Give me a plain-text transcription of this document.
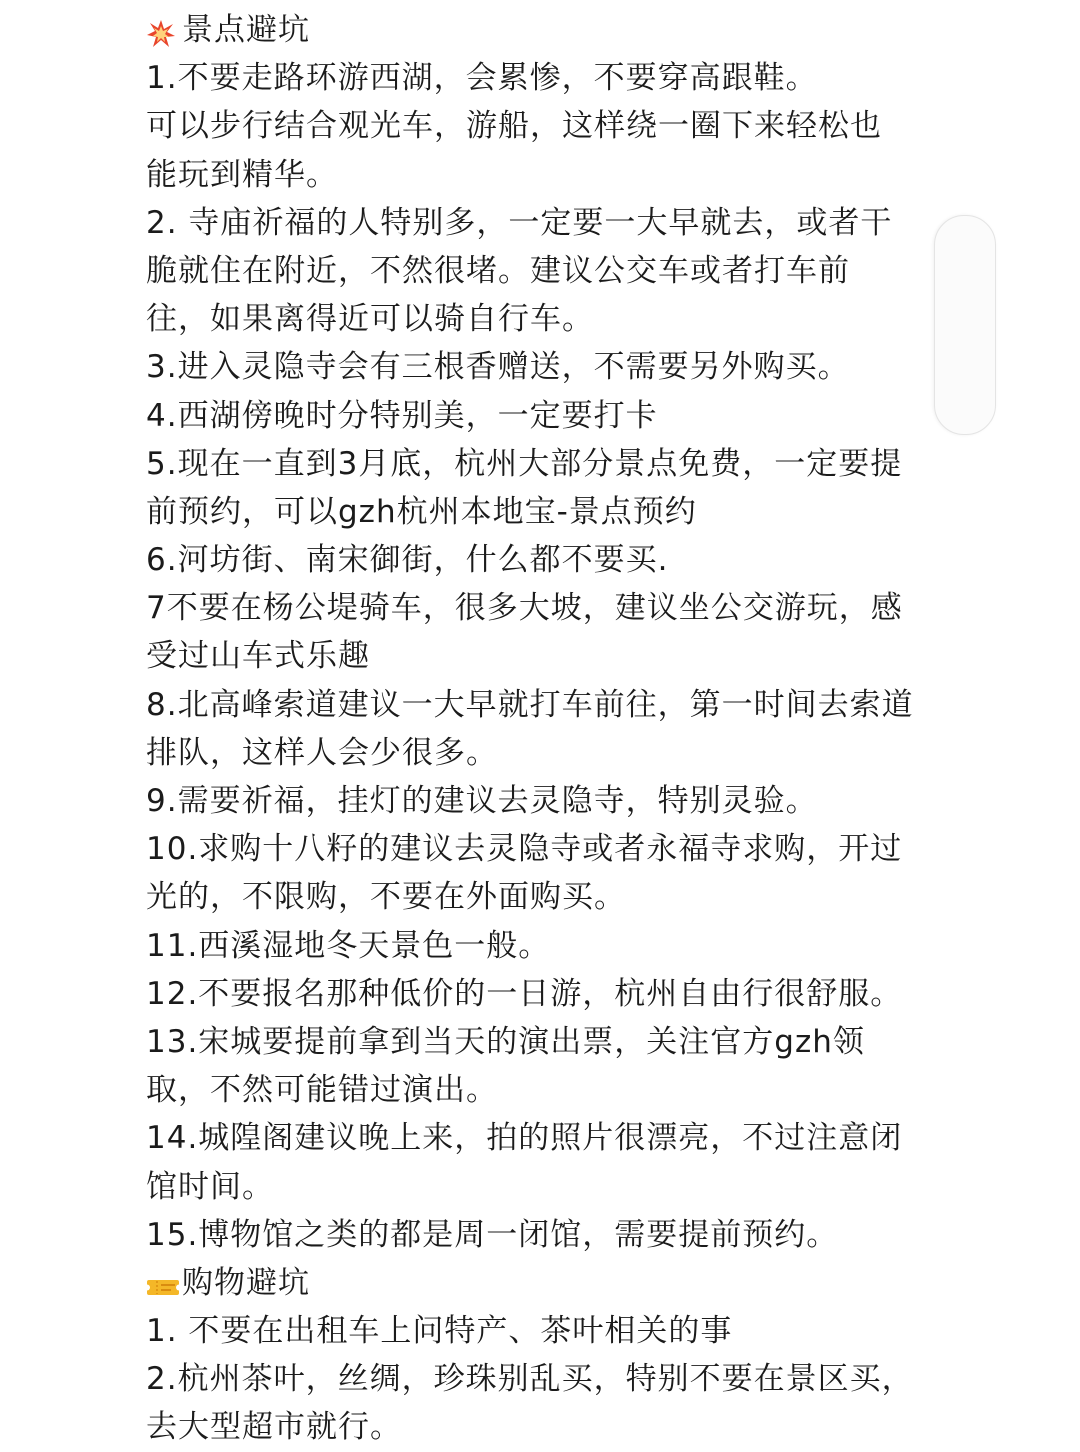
景点避坑
1.不要走路环游西湖，会累惨，不要穿高跟鞋。
可以步行结合观光车，游船，这样绕一圈下来轻松也
能玩到精华。
2. 寺庙祈福的人特别多，一定要一大早就去，或者干
脆就住在附近，不然很堵。建议公交车或者打车前
往，如果离得近可以骑自行车。
3.进入灵隐寺会有三根香赠送，不需要另外购买。
4.西湖傍晚时分特别美，一定要打卡
5.现在一直到3月底，杭州大部分景点免费，一定要提
前预约，可以gzh杭州本地宝-景点预约
6.河坊街、南宋御街，什么都不要买.
7不要在杨公堤骑车，很多大坡，建议坐公交游玩，感
受过山车式乐趣
8.北高峰索道建议一大早就打车前往，第一时间去索道
排队，这样人会少很多。
9.需要祈福，挂灯的建议去灵隐寺，特别灵验。
10.求购十八籽的建议去灵隐寺或者永福寺求购，开过
光的，不限购，不要在外面购买。
11.西溪湿地冬天景色一般。
12.不要报名那种低价的一日游，杭州自由行很舒服。
13.宋城要提前拿到当天的演出票，关注官方gzh领
取，不然可能错过演出。
14.城隍阁建议晚上来，拍的照片很漂亮，不过注意闭
馆时间。
15.博物馆之类的都是周一闭馆，需要提前预约。
购物避坑
1. 不要在出租车上问特产、茶叶相关的事
2.杭州茶叶，丝绸，珍珠别乱买，特别不要在景区买，
去大型超市就行。
